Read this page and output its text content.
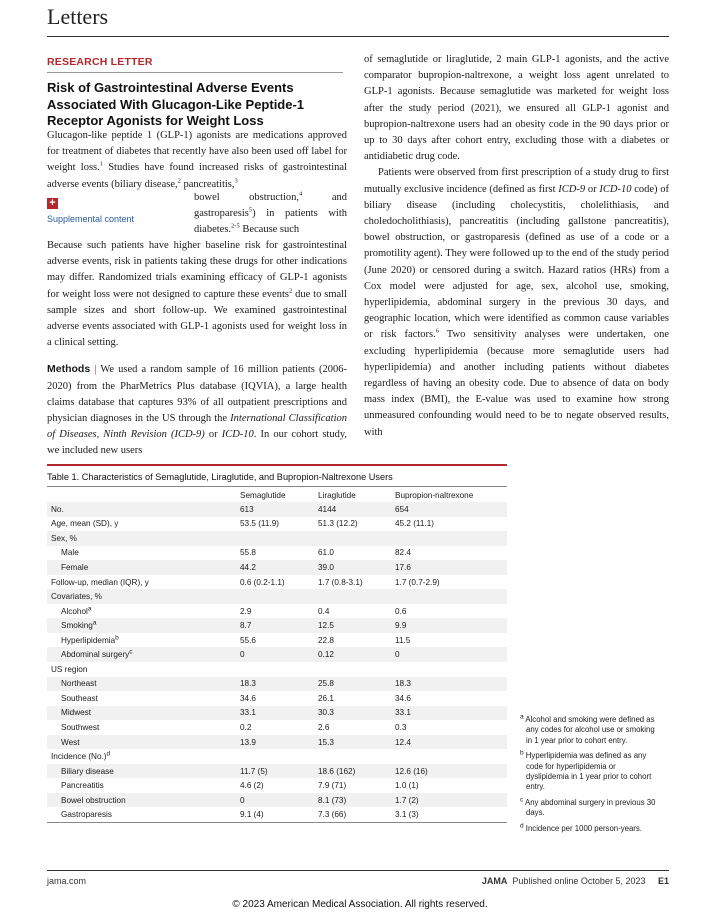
Letters
RESEARCH LETTER
Risk of Gastrointestinal Adverse Events Associated With Glucagon-Like Peptide-1 Receptor Agonists for Weight Loss

Glucagon-like peptide 1 (GLP-1) agonists are medications approved for treatment of diabetes that recently have also been used off label for weight loss.$^1$ Studies have found increased risks of gastrointestinal adverse events (biliary disease,$^2$ pancreatitis,$^3$

+
Supplemental content

bowel obstruction,$^4$ and gastroparesis$^5$) in patients with diabetes.$^{2-5}$ Because such

Because such patients have higher baseline risk for gastrointestinal adverse events, risk in patients taking these drugs for other indications may differ. Randomized trials examining efficacy of GLP-1 agonists for weight loss were not designed to capture these events$^2$ due to small sample sizes and short follow-up. We examined gastrointestinal adverse events associated with GLP-1 agonists used for weight loss in a clinical setting.

Methods | We used a random sample of 16 million patients (2006-2020) from the PharMetrics Plus database (IQVIA), a large health claims database that captures 93% of all outpatient prescriptions and physician diagnoses in the US through the International Classification of Diseases, Ninth Revision (ICD-9) or ICD-10. In our cohort study, we included new users

of semaglutide or liraglutide, 2 main GLP-1 agonists, and the active comparator bupropion-naltrexone, a weight loss agent unrelated to GLP-1 agonists. Because semaglutide was marketed for weight loss after the study period (2021), we ensured all GLP-1 agonist and bupropion-naltrexone users had an obesity code in the 90 days prior or up to 30 days after cohort entry, excluding those with a diabetes or antidiabetic drug code.

Patients were observed from first prescription of a study drug to first mutually exclusive incidence (defined as first ICD-9 or ICD-10 code) of biliary disease (including cholecystitis, cholelithiasis, and choledocholithiasis), pancreatitis (including gallstone pancreatitis), bowel obstruction, or gastroparesis (defined as use of a code or a promotility agent). They were followed up to the end of the study period (June 2020) or censored during a switch. Hazard ratios (HRs) from a Cox model were adjusted for age, sex, alcohol use, smoking, hyperlipidemia, abdominal surgery in the previous 30 days, and geographic location, which were identified as common cause variables or risk factors.$^6$ Two sensitivity analyses were undertaken, one excluding hyperlipidemia (because more semaglutide users had hyperlipidemia) and another including patients without diabetes regardless of having an obesity code. Due to absence of data on body mass index (BMI), the E-value was used to examine how strong unmeasured confounding would need to be to negate observed results, with

Table 1. Characteristics of Semaglutide, Liraglutide, and Bupropion-Naltrexone Users
	Semaglutide	Liraglutide	Bupropion-naltrexone
No.	613	4144	654
Age, mean (SD), y	53.5 (11.9)	51.3 (12.2)	45.2 (11.1)
Sex, %			
Male	55.8	61.0	82.4
Female	44.2	39.0	17.6
Follow-up, median (IQR), y	0.6 (0.2-1.1)	1.7 (0.8-3.1)	1.7 (0.7-2.9)
Covariates, %			
Alcohol$^a$	2.9	0.4	0.6
Smoking$^a$	8.7	12.5	9.9
Hyperlipidemia$^b$	55.6	22.8	11.5
Abdominal surgery$^c$	0	0.12	0
US region			
Northeast	18.3	25.8	18.3
Southeast	34.6	26.1	34.6
Midwest	33.1	30.3	33.1
Southwest	0.2	2.6	0.3
West	13.9	15.3	12.4
Incidence $(No.)^d$			
Biliary disease	11.7 (5)	18.6 (162)	12.6 (16)
Pancreatitis	4.6 (2)	7.9 (71)	1.0 (1)
Bowel obstruction	0	8.1 (73)	1.7 (2)
Gastroparesis	9.1 (4)	7.3 (66)	3.1 (3)
$^a$ Alcohol and smoking were defined as any codes for alcohol use or smoking in 1 year prior to cohort entry.
$^b$ Hyperlipidemia was defined as any code for hyperlipidemia or dyslipidemia in 1 year prior to cohort entry.
$^c$ Any abdominal surgery in previous 30 days.
$^d$ Incidence per 1000 person-years.
jama.com	JAMA Published online October 5, 2023 E1
© 2023 American Medical Association. All rights reserved.
